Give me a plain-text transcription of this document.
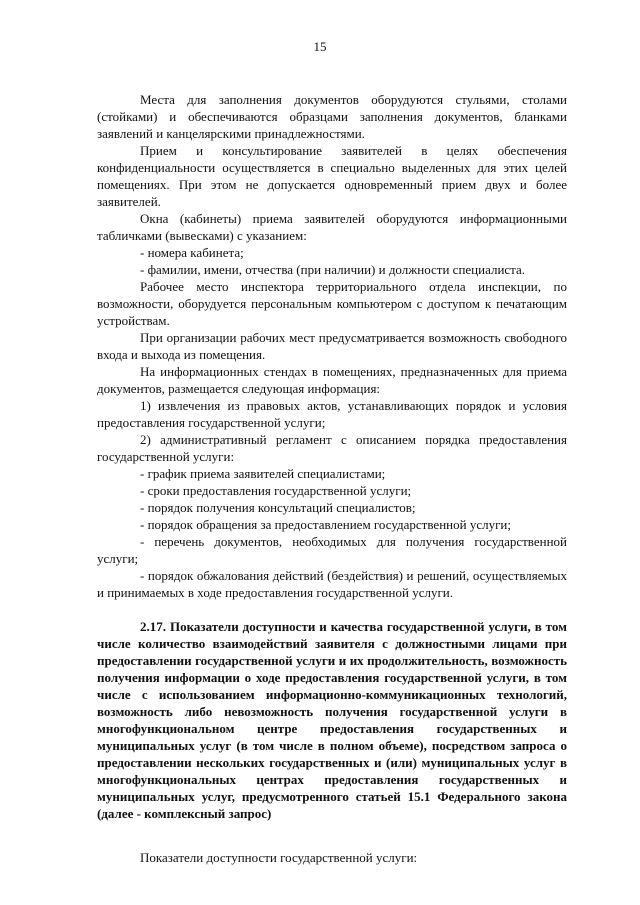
15

Места для заполнения документов оборудуются стульями, столами (стойками) и обеспечиваются образцами заполнения документов, бланками заявлений и канцелярскими принадлежностями.

Прием и консультирование заявителей в целях обеспечения конфиденциальности осуществляется в специально выделенных для этих целей помещениях. При этом не допускается одновременный прием двух и более заявителей.

Окна (кабинеты) приема заявителей оборудуются информационными табличками (вывесками) с указанием:

- номера кабинета;

- фамилии, имени, отчества (при наличии) и должности специалиста.

Рабочее место инспектора территориального отдела инспекции, по возможности, оборудуется персональным компьютером с доступом к печатающим устройствам.

При организации рабочих мест предусматривается возможность свободного входа и выхода из помещения.

На информационных стендах в помещениях, предназначенных для приема документов, размещается следующая информация:

1) извлечения из правовых актов, устанавливающих порядок и условия предоставления государственной услуги;

2) административный регламент с описанием порядка предоставления государственной услуги:

- график приема заявителей специалистами;

- сроки предоставления государственной услуги;

- порядок получения консультаций специалистов;

- порядок обращения за предоставлением государственной услуги;

- перечень документов, необходимых для получения государственной услуги;

- порядок обжалования действий (бездействия) и решений, осуществляемых и принимаемых в ходе предоставления государственной услуги.

2.17. Показатели доступности и качества государственной услуги, в том числе количество взаимодействий заявителя с должностными лицами при предоставлении государственной услуги и их продолжительность, возможность получения информации о ходе предоставления государственной услуги, в том числе с использованием информационно-коммуникационных технологий, возможность либо невозможность получения государственной услуги в многофункциональном центре предоставления государственных и муниципальных услуг (в том числе в полном объеме), посредством запроса о предоставлении нескольких государственных и (или) муниципальных услуг в многофункциональных центрах предоставления государственных и муниципальных услуг, предусмотренного статьей 15.1 Федерального закона (далее - комплексный запрос)

Показатели доступности государственной услуги:
